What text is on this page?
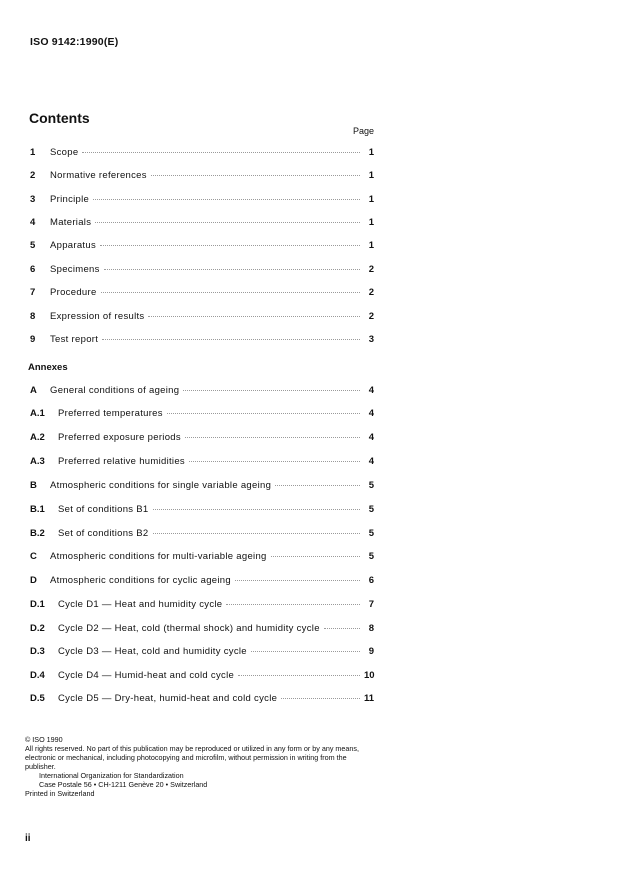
ISO 9142:1990(E)
Contents
Page
1	Scope	1
2	Normative references	1
3	Principle	1
4	Materials	1
5	Apparatus	1
6	Specimens	2
7	Procedure	2
8	Expression of results	2
9	Test report	3
Annexes
A	General conditions of ageing	4
A.1	Preferred temperatures	4
A.2	Preferred exposure periods	4
A.3	Preferred relative humidities	4
B	Atmospheric conditions for single variable ageing	5
B.1	Set of conditions B1	5
B.2	Set of conditions B2	5
C	Atmospheric conditions for multi-variable ageing	5
D	Atmospheric conditions for cyclic ageing	6
D.1	Cycle D1 — Heat and humidity cycle	7
D.2	Cycle D2 — Heat, cold (thermal shock) and humidity cycle	8
D.3	Cycle D3 — Heat, cold and humidity cycle	9
D.4	Cycle D4 — Humid-heat and cold cycle	10
D.5	Cycle D5 — Dry-heat, humid-heat and cold cycle	11
© ISO 1990
All rights reserved. No part of this publication may be reproduced or utilized in any form or by any means, electronic or mechanical, including photocopying and microfilm, without permission in writing from the publisher.
International Organization for Standardization
Case Postale 56 • CH-1211 Genève 20 • Switzerland
Printed in Switzerland
ii
